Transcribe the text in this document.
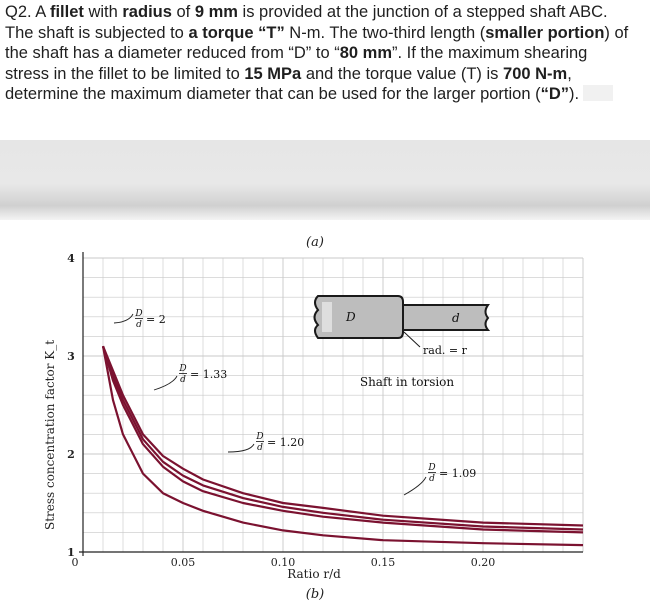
Q2. A fillet with radius of 9 mm is provided at the junction of a stepped shaft ABC.
The shaft is subjected to a torque “T” N-m. The two-third length (smaller portion) of
the shaft has a diameter reduced from “D” to “80 mm”. If the maximum shearing
stress in the fillet to be limited to 15 MPa and the torque value (T) is 700 N-m,
determine the maximum diameter that can be used for the larger portion (“D”).
0	0.05	0.10	0.15	0.20
1
2
3
4
D
d = 2
D
d = 1.33
D
d = 1.20
D
d = 1.09
(a)
(b)
Ratio r/d
Stress concentration factor K_t
D	d
rad. = r
Shaft in torsion
